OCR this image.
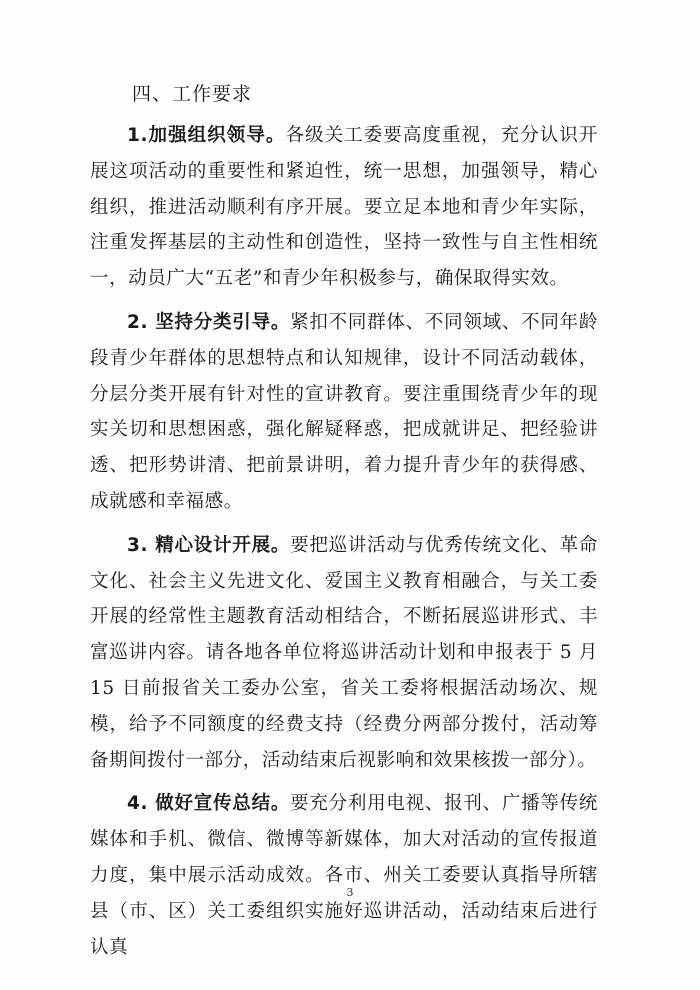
四、工作要求

1.加强组织领导。各级关工委要高度重视，充分认识开展这项活动的重要性和紧迫性，统一思想，加强领导，精心组织，推进活动顺利有序开展。要立足本地和青少年实际，注重发挥基层的主动性和创造性，坚持一致性与自主性相统一，动员广大“五老”和青少年积极参与，确保取得实效。

2. 坚持分类引导。紧扣不同群体、不同领域、不同年龄段青少年群体的思想特点和认知规律，设计不同活动载体，分层分类开展有针对性的宣讲教育。要注重围绕青少年的现实关切和思想困惑，强化解疑释惑，把成就讲足、把经验讲透、把形势讲清、把前景讲明，着力提升青少年的获得感、成就感和幸福感。

3. 精心设计开展。要把巡讲活动与优秀传统文化、革命文化、社会主义先进文化、爱国主义教育相融合，与关工委开展的经常性主题教育活动相结合，不断拓展巡讲形式、丰富巡讲内容。请各地各单位将巡讲活动计划和申报表于 5 月 15 日前报省关工委办公室，省关工委将根据活动场次、规模，给予不同额度的经费支持（经费分两部分拨付，活动筹备期间拨付一部分，活动结束后视影响和效果核拨一部分）。

4. 做好宣传总结。要充分利用电视、报刊、广播等传统媒体和手机、微信、微博等新媒体，加大对活动的宣传报道力度，集中展示活动成效。各市、州关工委要认真指导所辖县（市、区）关工委组织实施好巡讲活动，活动结束后进行认真

3
